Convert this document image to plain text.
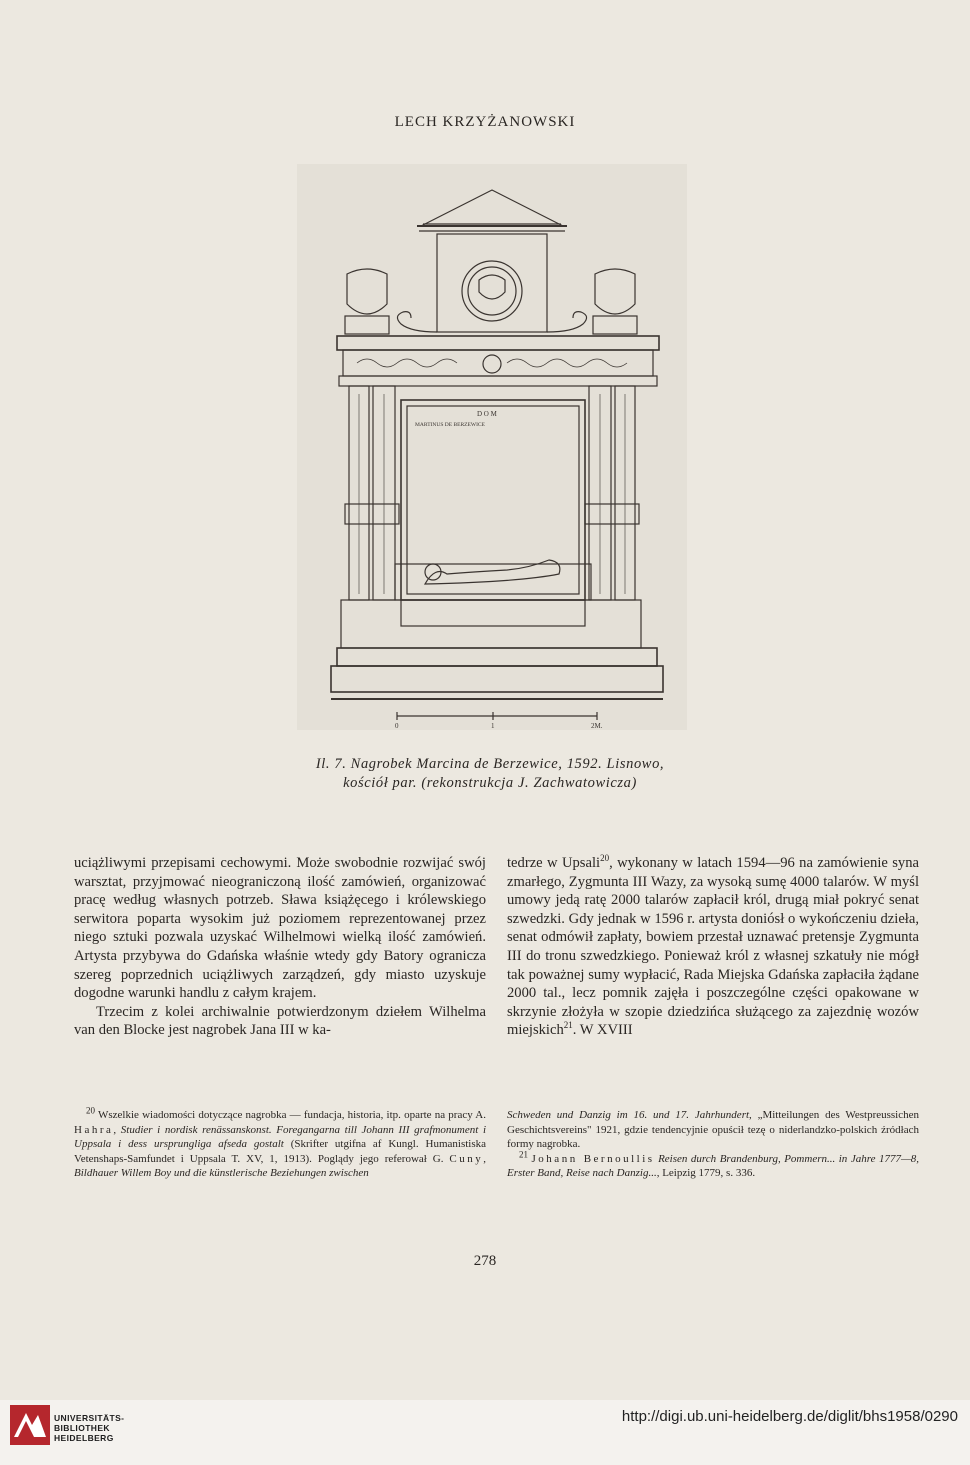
LECH KRZYŻANOWSKI
D O M
MARTINUS DE BERZEWICE
0	1	2M.
Il. 7. Nagrobek Marcina de Berzewice, 1592. Lisnowo,
kościół par. (rekonstrukcja J. Zachwatowicza)

uciążliwymi przepisami cechowymi. Może swobodnie rozwijać swój warsztat, przyjmować nieograniczoną ilość zamówień, organizować pracę według własnych potrzeb. Sława książęcego i królewskiego serwitora poparta wysokim już poziomem reprezentowanej przez niego sztuki pozwala uzyskać Wilhelmowi wielką ilość zamówień. Artysta przybywa do Gdańska właśnie wtedy gdy Batory ogranicza szereg poprzednich uciążliwych zarządzeń, gdy miasto uzyskuje dogodne warunki handlu z całym krajem.

Trzecim z kolei archiwalnie potwierdzonym dziełem Wilhelma van den Blocke jest nagrobek Jana III w ka-

tedrze w Upsali$^{20}$, wykonany w latach 1594—96 na zamówienie syna zmarłego, Zygmunta III Wazy, za wysoką sumę 4000 talarów. W myśl umowy jedą ratę 2000 talarów zapłacił król, drugą miał pokryć senat szwedzki. Gdy jednak w 1596 r. artysta doniósł o wykończeniu dzieła, senat odmówił zapłaty, bowiem przestał uznawać pretensje Zygmunta III do tronu szwedzkiego. Ponieważ król z własnej szkatuły nie mógł tak poważnej sumy wypłacić, Rada Miejska Gdańska zapłaciła żądane 2000 tal., lecz pomnik zajęła i poszczególne części opakowane w skrzynie złożyła w szopie dziedzińca służącego za zajezdnię wozów miejskich$^{21}$. W XVIII

$^{20}$ Wszelkie wiadomości dotyczące nagrobka — fundacja, historia, itp. oparte na pracy A. Hahra, Studier i nordisk renässanskonst. Foregangarna till Johann III grafmonument i Uppsala i dess ursprungliga afseda gostalt (Skrifter utgifna af Kungl. Humanistiska Vetenshaps-Samfundet i Uppsala T. XV, 1, 1913). Poglądy jego referował G. Cuny, Bildhauer Willem Boy und die künstlerische Beziehungen zwischen

Schweden und Danzig im 16. und 17. Jahrhundert, „Mitteilungen des Westpreussichen Geschichtsvereins" 1921, gdzie tendencyjnie opuścił tezę o niderlandzko-polskich źródłach formy nagrobka.

$^{21}$ Johann Bernoullis Reisen durch Brandenburg, Pommern... in Jahre 1777—8, Erster Band, Reise nach Danzig..., Leipzig 1779, s. 336.

278
UNIVERSITÄTS-
BIBLIOTHEK
HEIDELBERG
http://digi.ub.uni-heidelberg.de/diglit/bhs1958/0290
